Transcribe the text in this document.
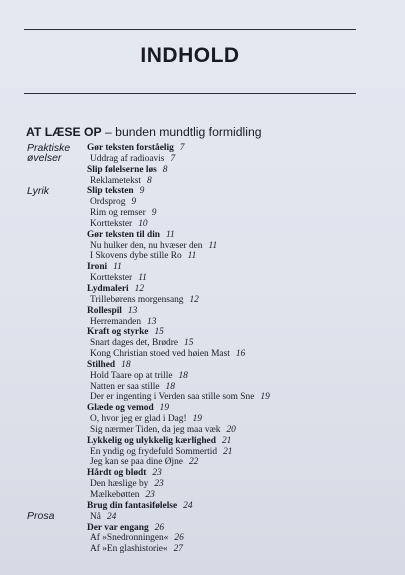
INDHOLD
AT LÆSE OP – bunden mundtlig formidling
Praktiske
øvelser
Lyrik
Prosa
Gør teksten forståelig 7
Uddrag af radioavis 7
Slip følelserne løs 8
Reklametekst 8
Slip teksten 9
Ordsprog 9
Rim og remser 9
Korttekster 10
Gør teksten til din 11
Nu hulker den, nu hvæser den 11
I Skovens dybe stille Ro 11
Ironi 11
Korttekster 11
Lydmaleri 12
Trillebørens morgensang 12
Rollespil 13
Herremanden 13
Kraft og styrke 15
Snart dages det, Brødre 15
Kong Christian stoed ved høien Mast 16
Stilhed 18
Hold Taare op at trille 18
Natten er saa stille 18
Der er ingenting i Verden saa stille som Sne 19
Glæde og vemod 19
O, hvor jeg er glad i Dag! 19
Sig nærmer Tiden, da jeg maa væk 20
Lykkelig og ulykkelig kærlighed 21
En yndig og frydefuld Sommertid 21
Jeg kan se paa dine Øjne 22
Hårdt og blødt 23
Den hæslige by 23
Mælkebøtten 23
Brug din fantasifølelse 24
Nå 24
Der var engang 26
Af »Snedronningen« 26
Af »En glashistorie« 27
